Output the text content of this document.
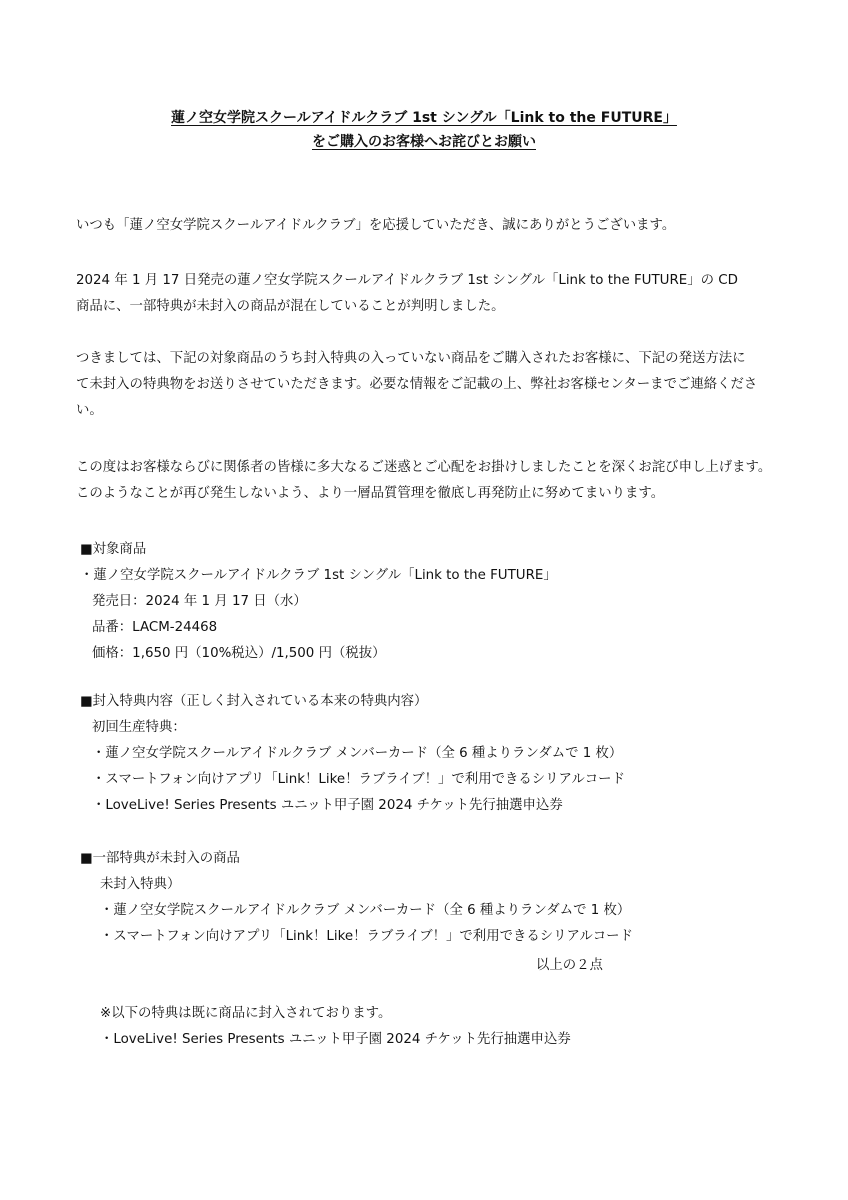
蓮ノ空女学院スクールアイドルクラブ 1st シングル「Link to the FUTURE」
をご購入のお客様へお詫びとお願い
いつも「蓮ノ空女学院スクールアイドルクラブ」を応援していただき、誠にありがとうございます。
2024 年 1 月 17 日発売の蓮ノ空女学院スクールアイドルクラブ 1st シングル「Link to the FUTURE」の CD
商品に、一部特典が未封入の商品が混在していることが判明しました。
つきましては、下記の対象商品のうち封入特典の入っていない商品をご購入されたお客様に、下記の発送方法に
て未封入の特典物をお送りさせていただきます。必要な情報をご記載の上、弊社お客様センターまでご連絡くださ
い。
この度はお客様ならびに関係者の皆様に多大なるご迷惑とご心配をお掛けしましたことを深くお詫び申し上げます。
このようなことが再び発生しないよう、より一層品質管理を徹底し再発防止に努めてまいります。
■対象商品
・蓮ノ空女学院スクールアイドルクラブ 1st シングル「Link to the FUTURE」
発売日：2024 年 1 月 17 日（水）
品番：LACM-24468
価格：1,650 円（10%税込）/1,500 円（税抜）
■封入特典内容（正しく封入されている本来の特典内容）
初回生産特典：
・蓮ノ空女学院スクールアイドルクラブ メンバーカード（全 6 種よりランダムで 1 枚）
・スマートフォン向けアプリ「Link！Like！ラブライブ！」で利用できるシリアルコード
・LoveLive! Series Presents ユニット甲子園 2024 チケット先行抽選申込券
■一部特典が未封入の商品
未封入特典）
・蓮ノ空女学院スクールアイドルクラブ メンバーカード（全 6 種よりランダムで 1 枚）
・スマートフォン向けアプリ「Link！Like！ラブライブ！」で利用できるシリアルコード
以上の２点
※以下の特典は既に商品に封入されております。
・LoveLive! Series Presents ユニット甲子園 2024 チケット先行抽選申込券
